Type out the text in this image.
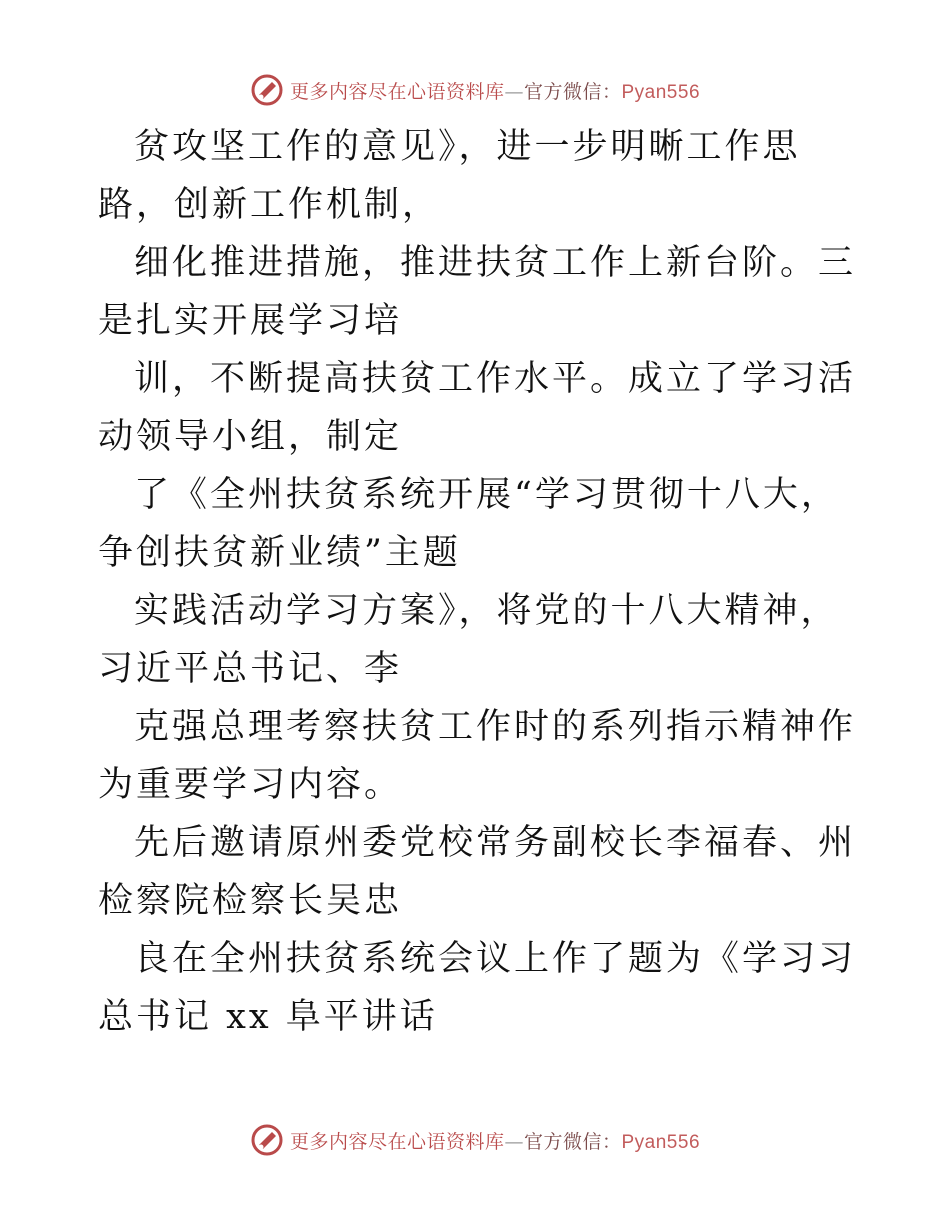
更多内容尽在心语资料库—官方微信：Pyan556

贫攻坚工作的意见》，进一步明晰工作思路，创新工作机制，

细化推进措施，推进扶贫工作上新台阶。三是扎实开展学习培

训，不断提高扶贫工作水平。成立了学习活动领导小组，制定

了《全州扶贫系统开展“学习贯彻十八大，争创扶贫新业绩”主题

实践活动学习方案》，将党的十八大精神，习近平总书记、李

克强总理考察扶贫工作时的系列指示精神作为重要学习内容。

先后邀请原州委党校常务副校长李福春、州检察院检察长吴忠

良在全州扶贫系统会议上作了题为《学习习总书记 xx 阜平讲话

更多内容尽在心语资料库—官方微信：Pyan556
